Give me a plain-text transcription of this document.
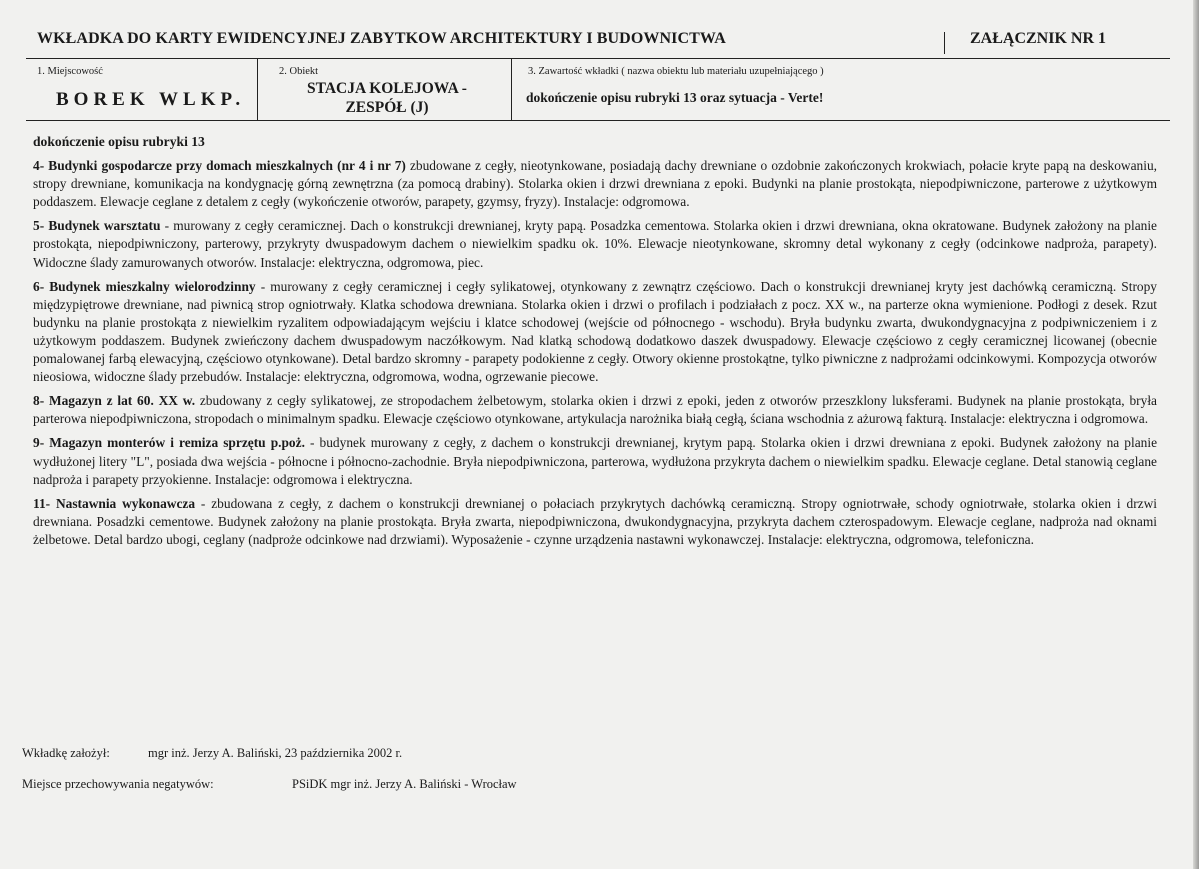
WKŁADKA DO KARTY EWIDENCYJNEJ ZABYTKOW ARCHITEKTURY I BUDOWNICTWA	ZAŁĄCZNIK NR 1
1. Miejscowość
BOREK WLKP.
2. Obiekt
STACJA KOLEJOWA -
ZESPÓŁ (J)
3. Zawartość wkładki ( nazwa obiektu lub materiału uzupełniającego )
dokończenie opisu rubryki 13 oraz sytuacja - Verte!
dokończenie opisu rubryki 13

4- Budynki gospodarcze przy domach mieszkalnych (nr 4 i nr 7) zbudowane z cegły, nieotynkowane, posiadają dachy drewniane o ozdobnie zakończonych krokwiach, połacie kryte papą na deskowaniu, stropy drewniane, komunikacja na kondygnację górną zewnętrzna (za pomocą drabiny). Stolarka okien i drzwi drewniana z epoki. Budynki na planie prostokąta, niepodpiwniczone, parterowe z użytkowym poddaszem. Elewacje ceglane z detalem z cegły (wykończenie otworów, parapety, gzymsy, fryzy). Instalacje: odgromowa.

5- Budynek warsztatu - murowany z cegły ceramicznej. Dach o konstrukcji drewnianej, kryty papą. Posadzka cementowa. Stolarka okien i drzwi drewniana, okna okratowane. Budynek założony na planie prostokąta, niepodpiwniczony, parterowy, przykryty dwuspadowym dachem o niewielkim spadku ok. 10%. Elewacje nieotynkowane, skromny detal wykonany z cegły (odcinkowe nadproża, parapety). Widoczne ślady zamurowanych otworów. Instalacje: elektryczna, odgromowa, piec.

6- Budynek mieszkalny wielorodzinny - murowany z cegły ceramicznej i cegły sylikatowej, otynkowany z zewnątrz częściowo. Dach o konstrukcji drewnianej kryty jest dachówką ceramiczną. Stropy międzypiętrowe drewniane, nad piwnicą strop ogniotrwały. Klatka schodowa drewniana. Stolarka okien i drzwi o profilach i podziałach z pocz. XX w., na parterze okna wymienione. Podłogi z desek. Rzut budynku na planie prostokąta z niewielkim ryzalitem odpowiadającym wejściu i klatce schodowej (wejście od północnego - wschodu). Bryła budynku zwarta, dwukondygnacyjna z podpiwniczeniem i z użytkowym poddaszem. Budynek zwieńczony dachem dwuspadowym naczółkowym. Nad klatką schodową dodatkowo daszek dwuspadowy. Elewacje częściowo z cegły ceramicznej licowanej (obecnie pomalowanej farbą elewacyjną, częściowo otynkowane). Detal bardzo skromny - parapety podokienne z cegły. Otwory okienne prostokątne, tylko piwniczne z nadprożami odcinkowymi. Kompozycja otworów nieosiowa, widoczne ślady przebudów. Instalacje: elektryczna, odgromowa, wodna, ogrzewanie piecowe.

8- Magazyn z lat 60. XX w. zbudowany z cegły sylikatowej, ze stropodachem żelbetowym, stolarka okien i drzwi z epoki, jeden z otworów przeszklony luksferami. Budynek na planie prostokąta, bryła parterowa niepodpiwniczona, stropodach o minimalnym spadku. Elewacje częściowo otynkowane, artykulacja narożnika białą cegłą, ściana wschodnia z ażurową fakturą. Instalacje: elektryczna i odgromowa.

9- Magazyn monterów i remiza sprzętu p.poż. - budynek murowany z cegły, z dachem o konstrukcji drewnianej, krytym papą. Stolarka okien i drzwi drewniana z epoki. Budynek założony na planie wydłużonej litery "L", posiada dwa wejścia - północne i północno-zachodnie. Bryła niepodpiwniczona, parterowa, wydłużona przykryta dachem o niewielkim spadku. Elewacje ceglane. Detal stanowią ceglane nadproża i parapety przyokienne. Instalacje: odgromowa i elektryczna.

11- Nastawnia wykonawcza - zbudowana z cegły, z dachem o konstrukcji drewnianej o połaciach przykrytych dachówką ceramiczną. Stropy ogniotrwałe, schody ogniotrwałe, stolarka okien i drzwi drewniana. Posadzki cementowe. Budynek założony na planie prostokąta. Bryła zwarta, niepodpiwniczona, dwukondygnacyjna, przykryta dachem czterospadowym. Elewacje ceglane, nadproża nad oknami żelbetowe. Detal bardzo ubogi, ceglany (nadproże odcinkowe nad drzwiami). Wyposażenie - czynne urządzenia nastawni wykonawczej. Instalacje: elektryczna, odgromowa, telefoniczna.

Wkładkę założył:	mgr inż. Jerzy A. Baliński, 23 października 2002 r.
Miejsce przechowywania negatywów:	PSiDK mgr inż. Jerzy A. Baliński - Wrocław
